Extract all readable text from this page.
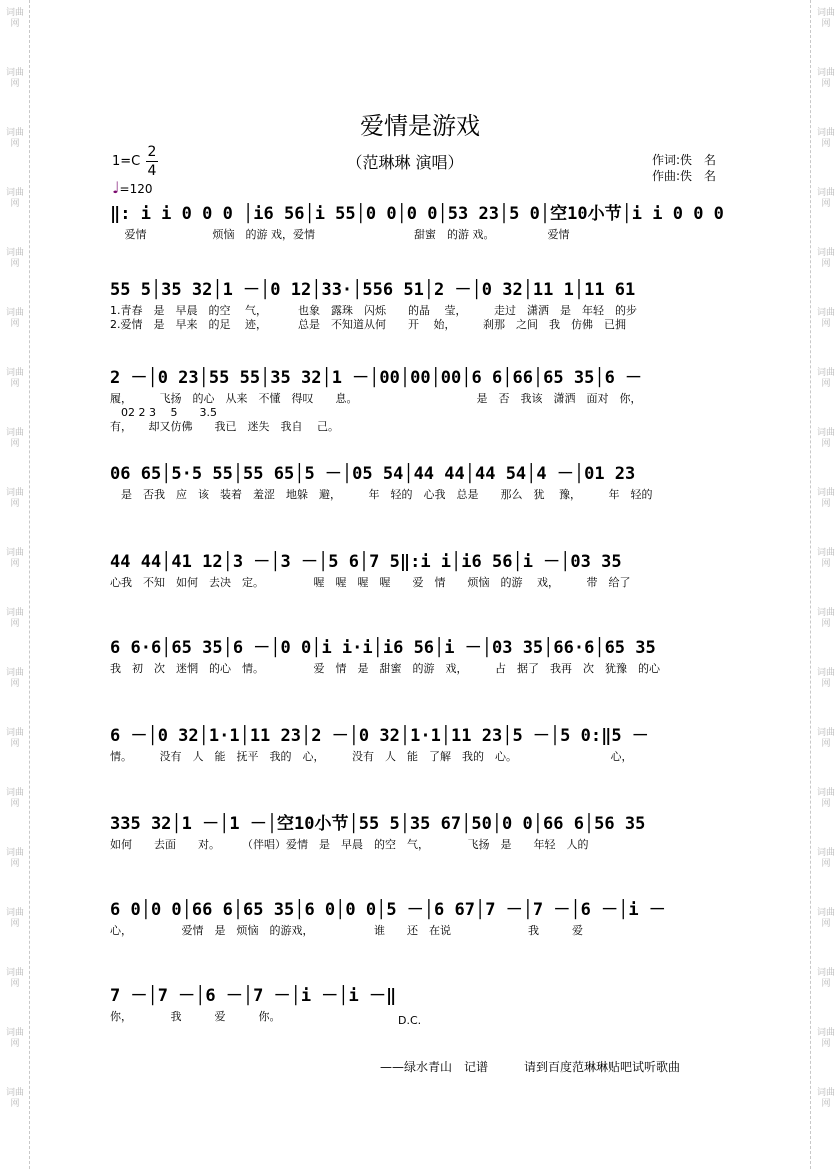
词曲网
词曲网
词曲网
词曲网
词曲网
词曲网
词曲网
词曲网
词曲网
词曲网
词曲网
词曲网
词曲网
词曲网
词曲网
词曲网
词曲网
词曲网
词曲网
词曲网
词曲网
词曲网
词曲网
词曲网
词曲网
词曲网
词曲网
词曲网
词曲网
词曲网
词曲网
词曲网
词曲网
词曲网
词曲网
词曲网
词曲网
词曲网
爱情是游戏
（范琳琳 演唱）
1=C
2
4
♩=120
作词:佚　名
作曲:佚　名
‖: i i 0 0 0 │i6 56│i 55│0 0│0 0│53 23│5 0│空10小节│i i 0 0 0
　 爱情　　　　　　烦恼　的游 戏，爱情　　　　　　　　　甜蜜　的游 戏。　　　　　 爱情
55 5│35 32│1 －│0 12│33·│556 51│2 －│0 32│11 1│11 61
1.青春　是　早晨　的空　 气，　　　 也象　露珠　闪烁　　的晶　 莹，　　　走过　潇洒　是　年轻　的步
2.爱情　是　早来　的足　 迹，　　　 总是　不知道从何　　开　 始，　　　刹那　之间　我　仿佛　已拥
2 －│0 23│55 55│35 32│1 －│00│00│00│6 6│66│65 35│6 －
履，　　　飞扬　的心　从来　不懂　得叹　　息。　　　　　　　　　　　 是　否　我该　潇洒　面对　你，
　02 2 3　 5　　3.5
有，　　却又仿佛　　我已　迷失　我自　 己。
06 65│5·5 55│55 65│5 －│05 54│44 44│44 54│4 －│01 23
　是　否我　应　该　装着　羞涩　地躲　避，　　　年　轻的　心我　总是　　那么　犹　 豫，　　　年　轻的
44 44│41 12│3 －│3 －│5 6│7 5‖:i i│i6 56│i －│03 35
心我　不知　如何　去决　定。　　　　　喔　喔　喔　喔　　爱　情　　烦恼　的游　 戏，　　　带　给了
6 6·6│65 35│6 －│0 0│i i·i│i6 56│i －│03 35│66·6│65 35
我　初　次　迷惘　的心　情。　　　　　爱　情　是　甜蜜　的游　戏，　　　占　据了　我再　次　犹豫　的心
6 －│0 32│1·1│11 23│2 －│0 32│1·1│11 23│5 －│5 0:‖5 －
情。　　　没有　人　能　抚平　我的　心，　　　没有　人　能　了解　我的　心。　　　　　　　　　心，
335 32│1 －│1 －│空10小节│55 5│35 67│50│0 0│66 6│56 35
如何　　去面　　对。　　　（伴唱）爱情　是　早晨　的空　气，　　　　飞扬　是　　年轻　人的
6 0│0 0│66 6│65 35│6 0│0 0│5 －│6 67│7 －│7 －│6 －│i －
心，　　　　　爱情　是　烦恼　的游戏，　　　　　　谁　　还　在说　　　　　　　我　　　爱
7 －│7 －│6 －│7 －│i －│i －‖
你，　　　　我　　　爱　　　你。	D.C.
——绿水青山　记谱　　　请到百度范琳琳贴吧试听歌曲
